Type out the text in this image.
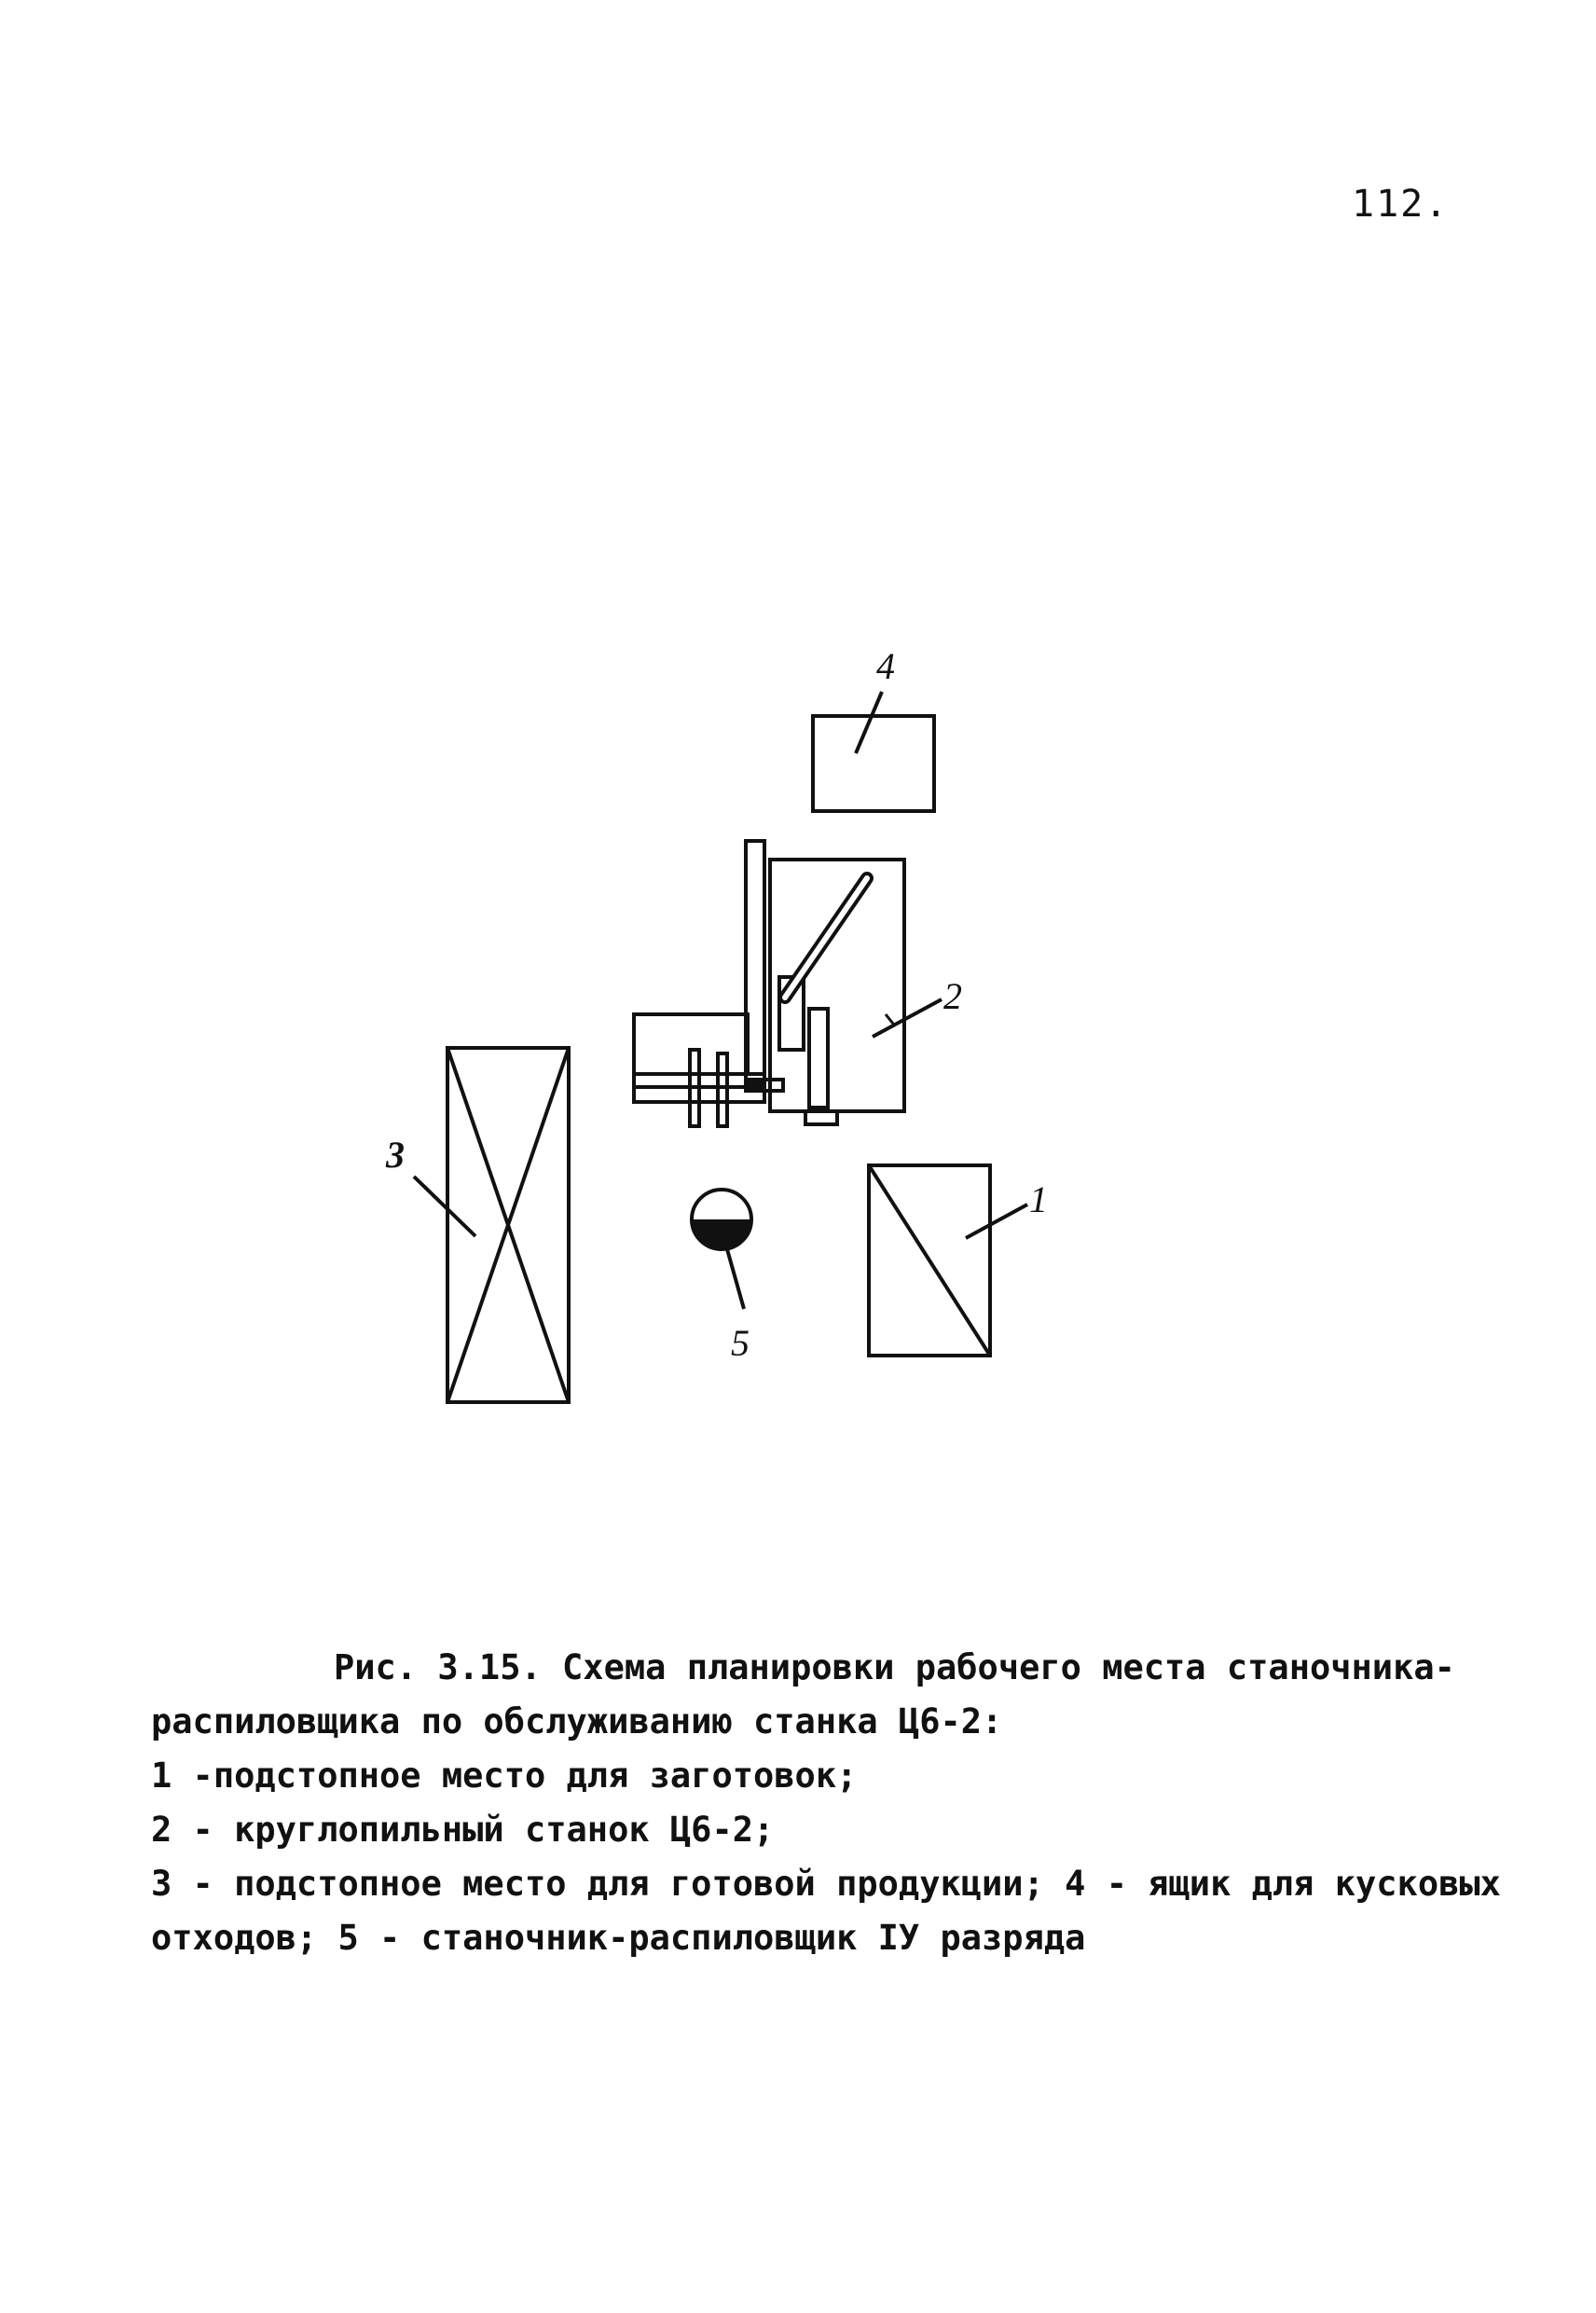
112.
4
2
3
1
5
Рис. 3.15. Схема планировки рабочего места станочника-
распиловщика по обслуживанию станка Ц6-2:
1 -подстопное место для заготовок;
2 - круглопильный станок Ц6-2;
3 - подстопное место для готовой продукции; 4 - ящик для кусковых
отходов; 5 - станочник-распиловщик IУ разряда
